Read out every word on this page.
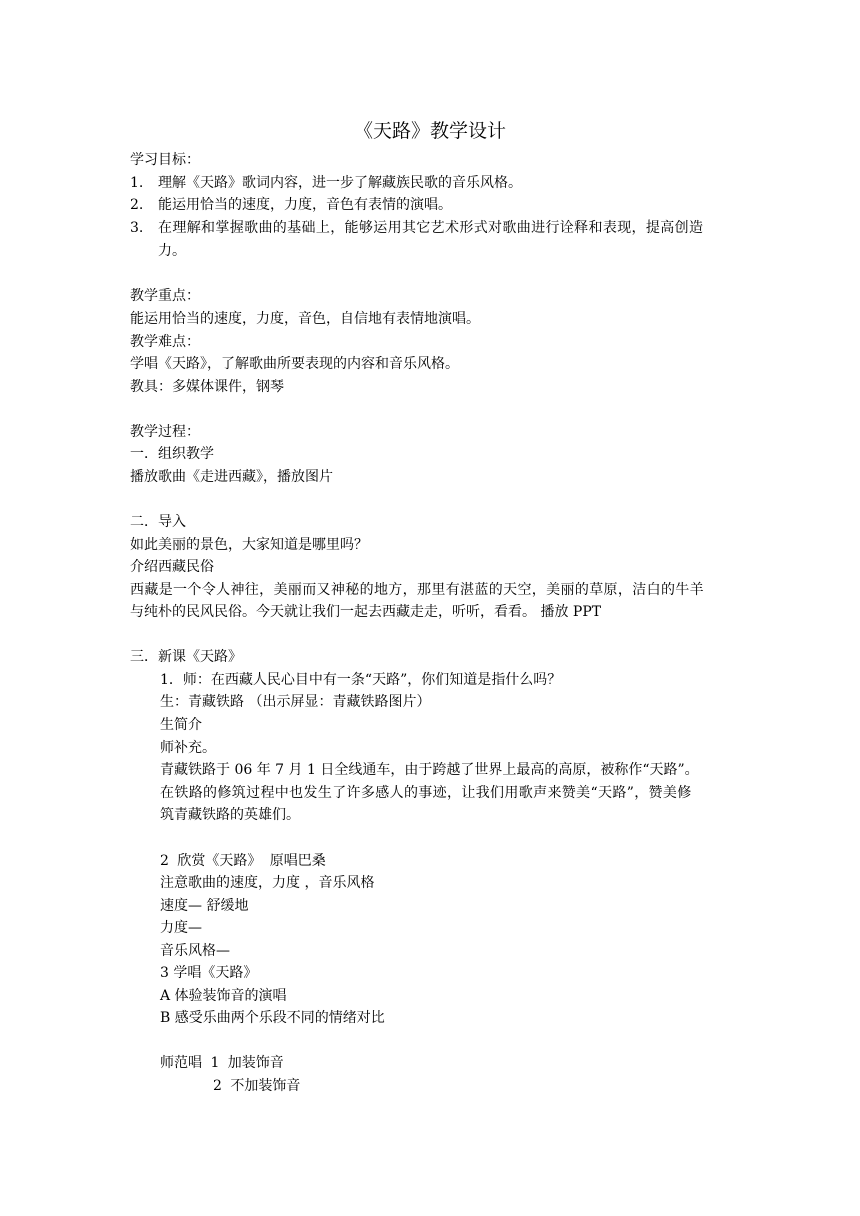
《天路》教学设计
学习目标：
1. 理解《天路》歌词内容，进一步了解藏族民歌的音乐风格。
2. 能运用恰当的速度，力度，音色有表情的演唱。
3. 在理解和掌握歌曲的基础上，能够运用其它艺术形式对歌曲进行诠释和表现，提高创造
力。
教学重点：
能运用恰当的速度，力度，音色，自信地有表情地演唱。
教学难点：
学唱《天路》，了解歌曲所要表现的内容和音乐风格。
教具：多媒体课件，钢琴
教学过程：
一．组织教学
播放歌曲《走进西藏》，播放图片
二．导入
如此美丽的景色，大家知道是哪里吗？
介绍西藏民俗
西藏是一个令人神往，美丽而又神秘的地方，那里有湛蓝的天空，美丽的草原，洁白的牛羊
与纯朴的民风民俗。今天就让我们一起去西藏走走，听听，看看。 播放 PPT
三．新课《天路》
1．师：在西藏人民心目中有一条“天路”，你们知道是指什么吗？
生：青藏铁路 （出示屏显：青藏铁路图片）
生简介
师补充。
青藏铁路于 06 年 7 月 1 日全线通车，由于跨越了世界上最高的高原，被称作“天路”。
在铁路的修筑过程中也发生了许多感人的事迹，让我们用歌声来赞美“天路”，赞美修
筑青藏铁路的英雄们。
2 欣赏《天路》 原唱巴桑
注意歌曲的速度，力度 ，音乐风格
速度— 舒缓地
力度—
音乐风格—
3 学唱《天路》
A 体验装饰音的演唱
B 感受乐曲两个乐段不同的情绪对比
师范唱 1 加装饰音
2 不加装饰音
